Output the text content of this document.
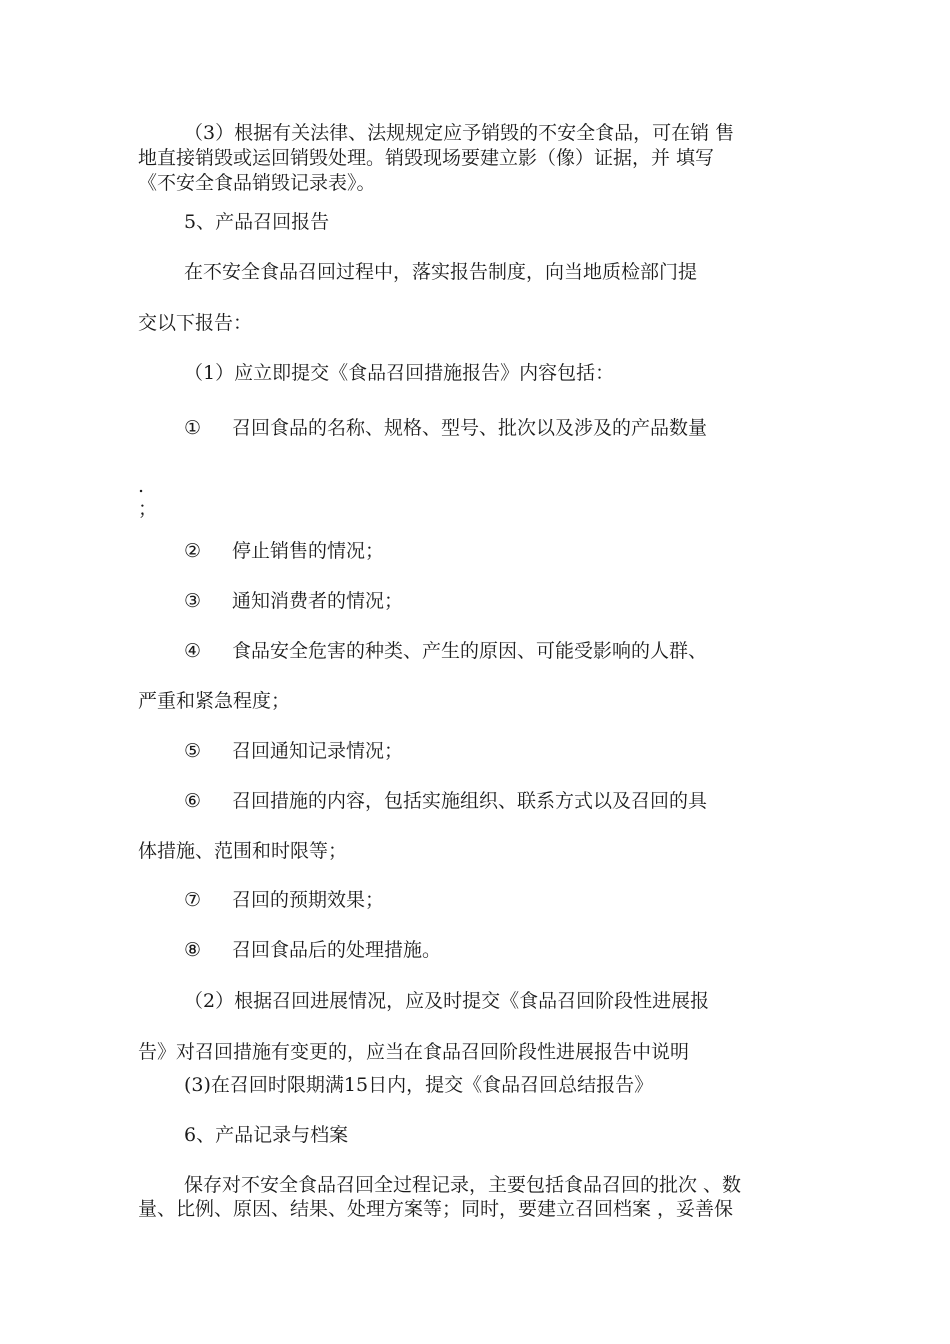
（3）根据有关法律、法规规定应予销毁的不安全食品，可在销 售

地直接销毁或运回销毁处理。销毁现场要建立影（像）证据，并 填写

《不安全食品销毁记录表》。

5、产品召回报告

在不安全食品召回过程中，落实报告制度，向当地质检部门提

交以下报告：

（1）应立即提交《食品召回措施报告》内容包括：

① 召回食品的名称、规格、型号、批次以及涉及的产品数量

.

；

② 停止销售的情况；

③ 通知消费者的情况；

④ 食品安全危害的种类、产生的原因、可能受影响的人群、

严重和紧急程度；

⑤ 召回通知记录情况；

⑥ 召回措施的内容，包括实施组织、联系方式以及召回的具

体措施、范围和时限等；

⑦ 召回的预期效果；

⑧ 召回食品后的处理措施。

（2）根据召回进展情况，应及时提交《食品召回阶段性进展报

告》对召回措施有变更的，应当在食品召回阶段性进展报告中说明

(3)在召回时限期满15日内，提交《食品召回总结报告》

6、产品记录与档案

保存对不安全食品召回全过程记录，主要包括食品召回的批次 、数

量、比例、原因、结果、处理方案等；同时，要建立召回档案 ，妥善保
